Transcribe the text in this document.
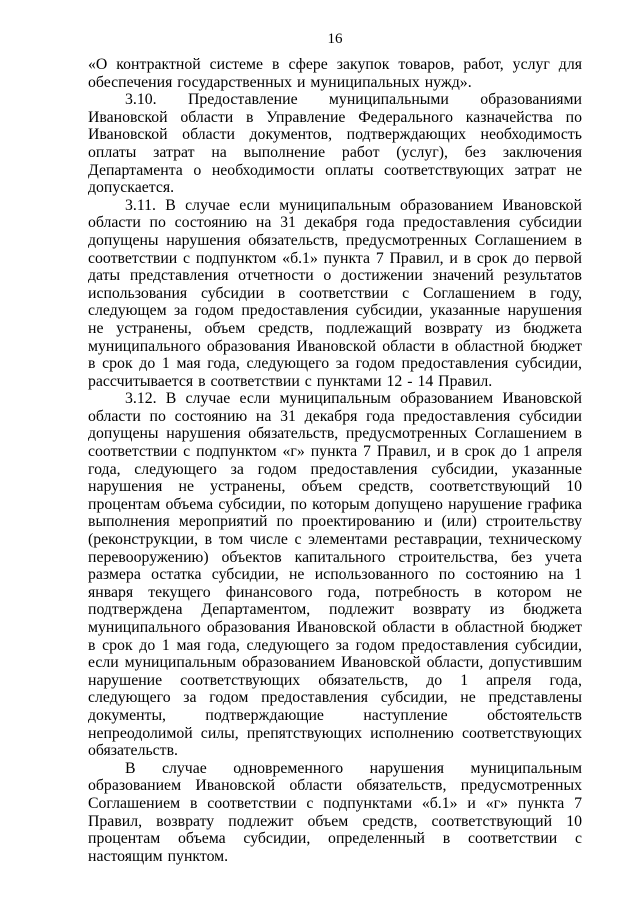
16

«О контрактной системе в сфере закупок товаров, работ, услуг для обеспечения государственных и муниципальных нужд».

3.10. Предоставление муниципальными образованиями Ивановской области в Управление Федерального казначейства по Ивановской области документов, подтверждающих необходимость оплаты затрат на выполнение работ (услуг), без заключения Департамента о необходимости оплаты соответствующих затрат не допускается.

3.11. В случае если муниципальным образованием Ивановской области по состоянию на 31 декабря года предоставления субсидии допущены нарушения обязательств, предусмотренных Соглашением в соответствии с подпунктом «б.1» пункта 7 Правил, и в срок до первой даты представления отчетности о достижении значений результатов использования субсидии в соответствии с Соглашением в году, следующем за годом предоставления субсидии, указанные нарушения не устранены, объем средств, подлежащий возврату из бюджета муниципального образования Ивановской области в областной бюджет в срок до 1 мая года, следующего за годом предоставления субсидии, рассчитывается в соответствии с пунктами 12 - 14 Правил.

3.12. В случае если муниципальным образованием Ивановской области по состоянию на 31 декабря года предоставления субсидии допущены нарушения обязательств, предусмотренных Соглашением в соответствии с подпунктом «г» пункта 7 Правил, и в срок до 1 апреля года, следующего за годом предоставления субсидии, указанные нарушения не устранены, объем средств, соответствующий 10 процентам объема субсидии, по которым допущено нарушение графика выполнения мероприятий по проектированию и (или) строительству (реконструкции, в том числе с элементами реставрации, техническому перевооружению) объектов капитального строительства, без учета размера остатка субсидии, не использованного по состоянию на 1 января текущего финансового года, потребность в котором не подтверждена Департаментом, подлежит возврату из бюджета муниципального образования Ивановской области в областной бюджет в срок до 1 мая года, следующего за годом предоставления субсидии, если муниципальным образованием Ивановской области, допустившим нарушение соответствующих обязательств, до 1 апреля года, следующего за годом предоставления субсидии, не представлены документы, подтверждающие наступление обстоятельств непреодолимой силы, препятствующих исполнению соответствующих обязательств.

В случае одновременного нарушения муниципальным образованием Ивановской области обязательств, предусмотренных Соглашением в соответствии с подпунктами «б.1» и «г» пункта 7 Правил, возврату подлежит объем средств, соответствующий 10 процентам объема субсидии, определенный в соответствии с настоящим пунктом.
